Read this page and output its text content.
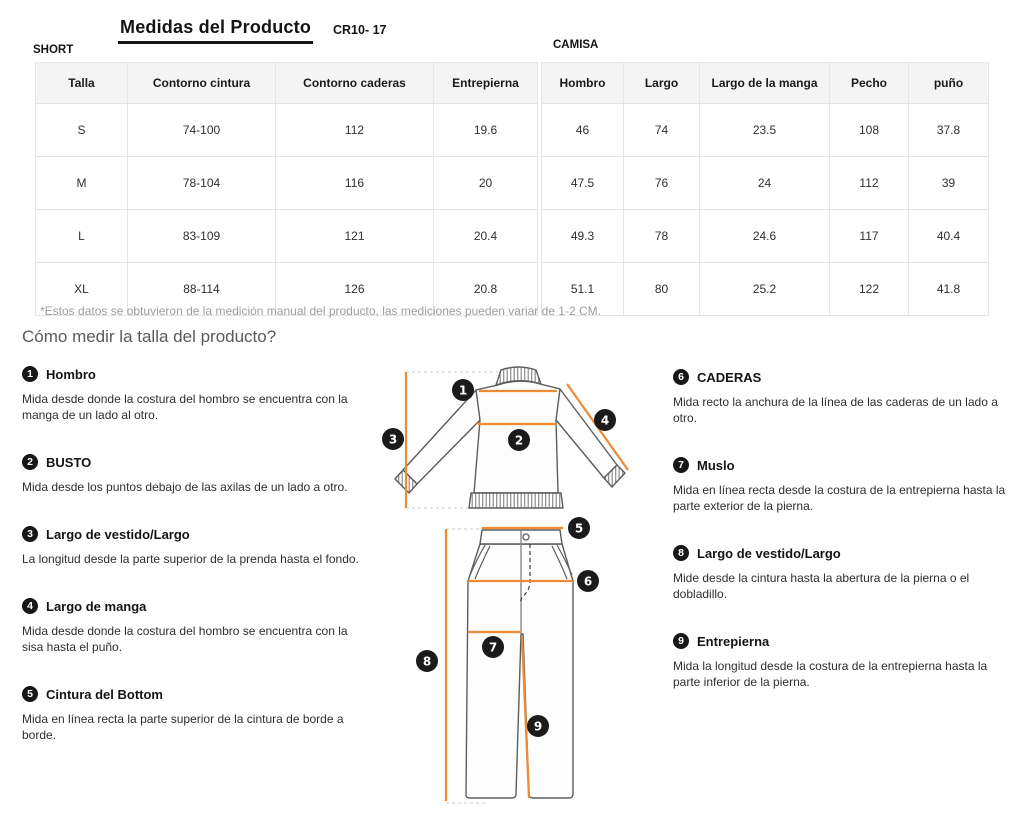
Medidas del Producto CR10- 17
SHORT	CAMISA
Talla	Contorno cintura	Contorno caderas	Entrepierna
S	74-100	112	19.6
M	78-104	116	20
L	83-109	121	20.4
XL	88-114	126	20.8
Hombro	Largo	Largo de la manga	Pecho	puño
46	74	23.5	108	37.8
47.5	76	24	112	39
49.3	78	24.6	117	40.4
51.1	80	25.2	122	41.8
*Estos datos se obtuvieron de la medición manual del producto, las mediciones pueden variar de 1-2 CM.
Cómo medir la talla del producto?
1	Hombro

Mida desde donde la costura del hombro se encuentra con la manga de un lado al otro.

2	BUSTO

Mida desde los puntos debajo de las axilas de un lado a otro.

3	Largo de vestido/Largo

La longitud desde la parte superior de la prenda hasta el fondo.

4	Largo de manga

Mida desde donde la costura del hombro se encuentra con la sisa hasta el puño.

5	Cintura del Bottom

Mida en línea recta la parte superior de la cintura de borde a borde.

6	CADERAS

Mida recto la anchura de la línea de las caderas de un lado a otro.

7	Muslo

Mida en línea recta desde la costura de la entrepierna hasta la parte exterior de la pierna.

8	Largo de vestido/Largo

Mide desde la cintura hasta la abertura de la pierna o el dobladillo.

9	Entrepierna

Mida la longitud desde la costura de la entrepierna hasta la parte inferior de la pierna.

1
2
3
4
5
6
7
8
9
